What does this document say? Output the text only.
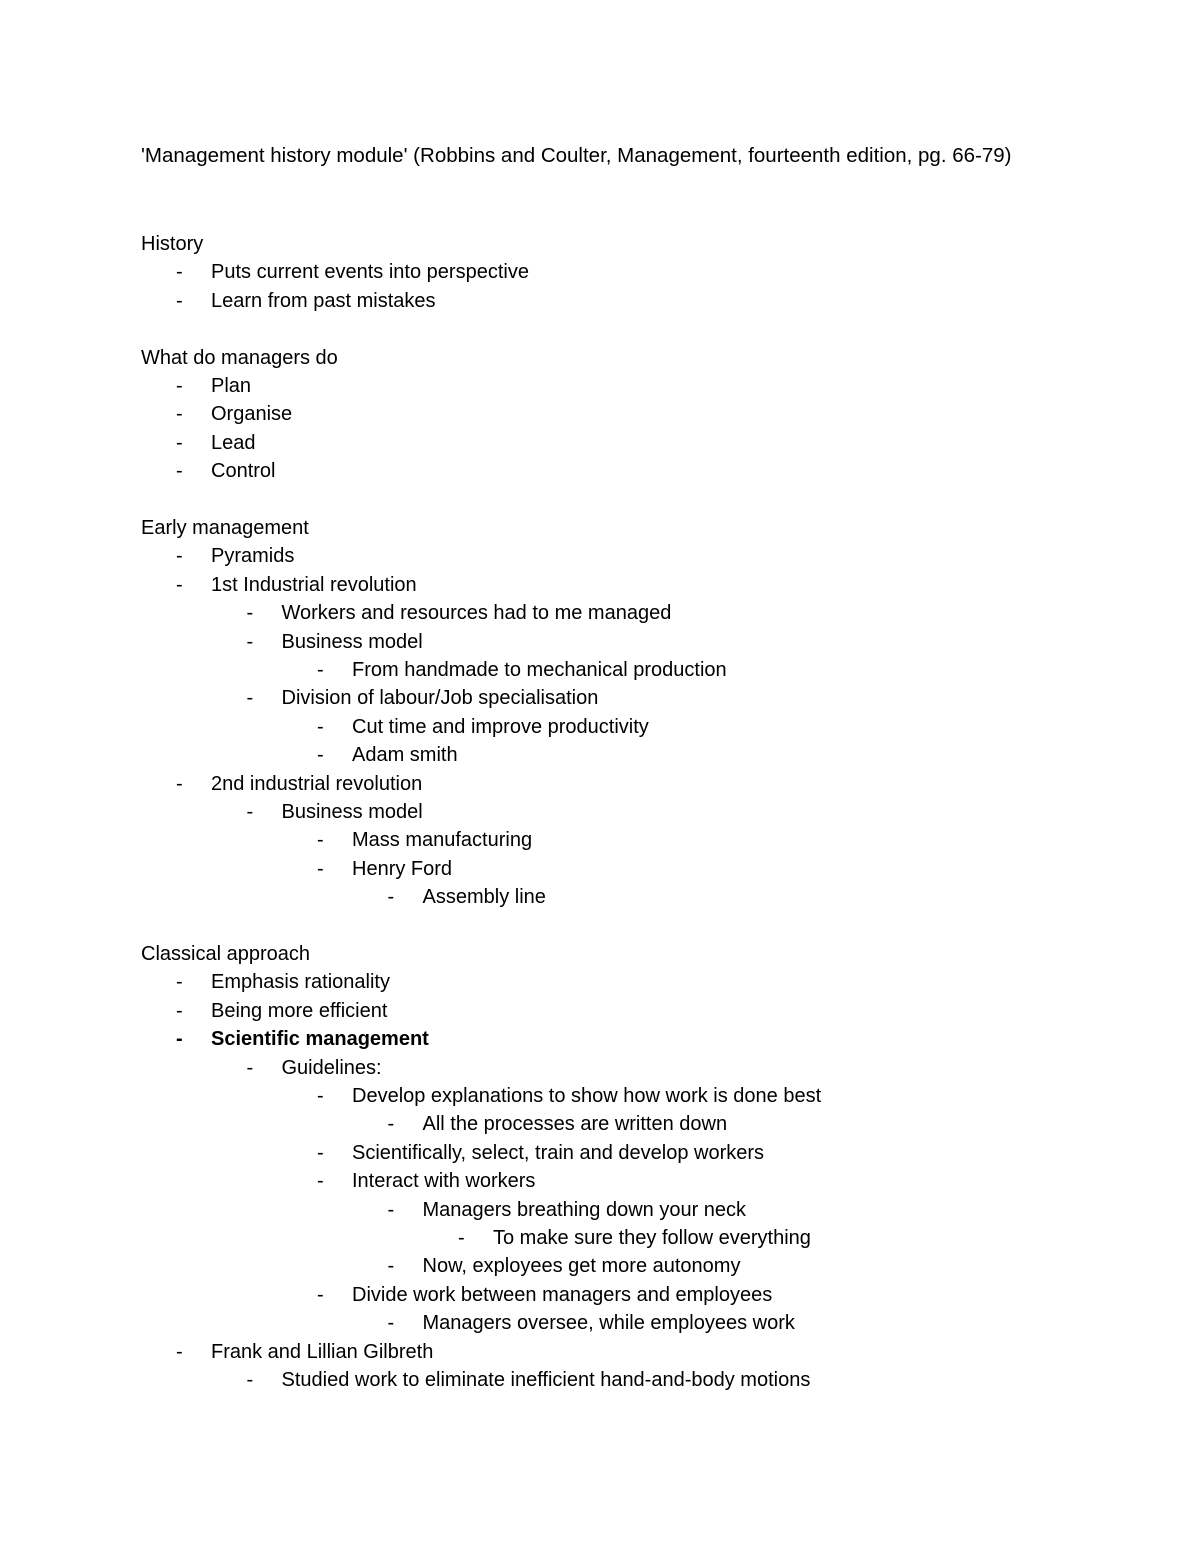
'Management history module' (Robbins and Coulter, Management, fourteenth edition, pg. 66-79)
History
-	Puts current events into perspective
-	Learn from past mistakes
What do managers do
-	Plan
-	Organise
-	Lead
-	Control
Early management
-	Pyramids
-	1st Industrial revolution
-	Workers and resources had to me managed
-	Business model
-	From handmade to mechanical production
-	Division of labour/Job specialisation
-	Cut time and improve productivity
-	Adam smith
-	2nd industrial revolution
-	Business model
-	Mass manufacturing
-	Henry Ford
-	Assembly line
Classical approach
-	Emphasis rationality
-	Being more efficient
-	Scientific management
-	Guidelines:
-	Develop explanations to show how work is done best
-	All the processes are written down
-	Scientifically, select, train and develop workers
-	Interact with workers
-	Managers breathing down your neck
-	To make sure they follow everything
-	Now, exployees get more autonomy
-	Divide work between managers and employees
-	Managers oversee, while employees work
-	Frank and Lillian Gilbreth
-	Studied work to eliminate inefficient hand-and-body motions
